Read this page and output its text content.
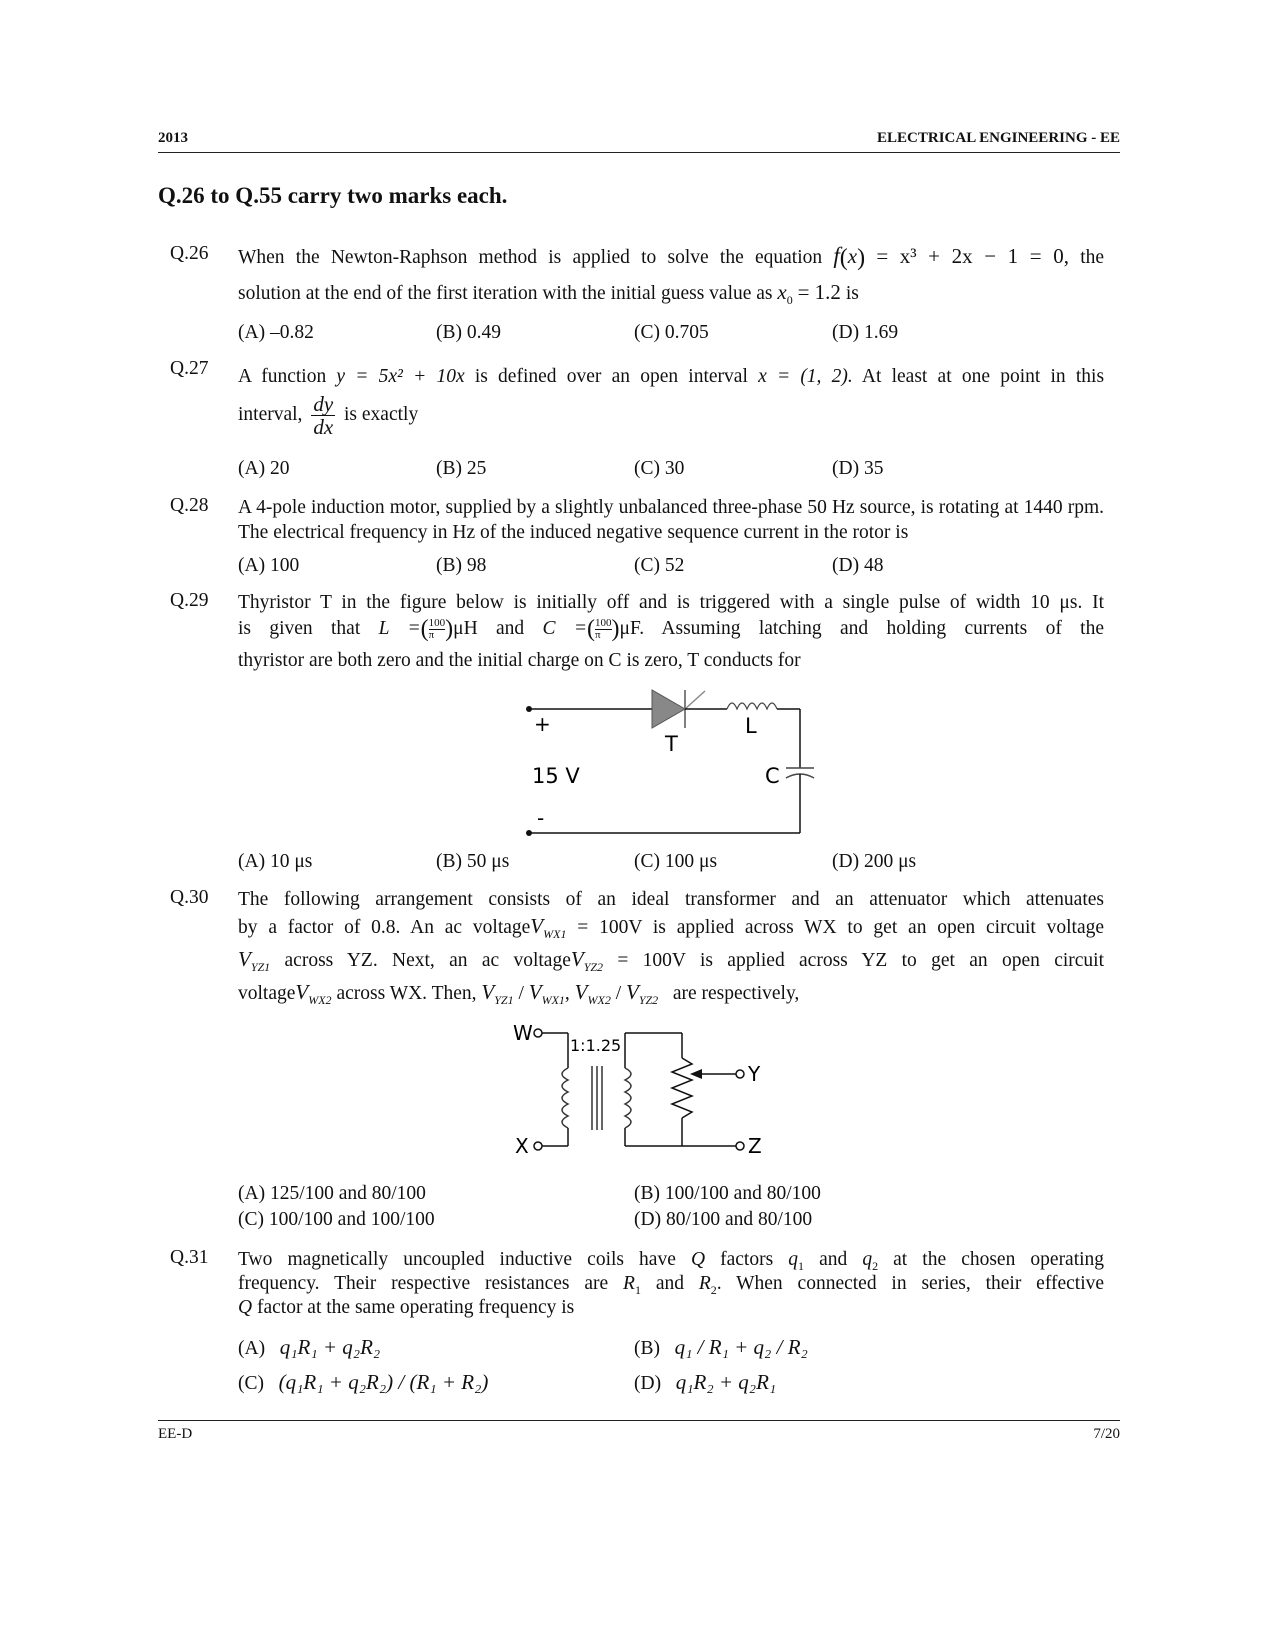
2013	ELECTRICAL ENGINEERING - EE
Q.26 to Q.55 carry two marks each.
Q.26 When the Newton-Raphson method is applied to solve the equation f(x) = x³ + 2x − 1 = 0, the
solution at the end of the first iteration with the initial guess value as $x_0 = 1.2$ is
(A) –0.82	(B) 0.49	(C) 0.705	(D) 1.69
Q.27 A function y = 5x² + 10x is defined over an open interval x = (1, 2). At least at one point in this
interval, $\frac{dy}{dx}$ is exactly
(A) 20	(B) 25	(C) 30	(D) 35
Q.28 A 4-pole induction motor, supplied by a slightly unbalanced three-phase 50 Hz source, is rotating at 1440 rpm. The electrical frequency in Hz of the induced negative sequence current in the rotor is
(A) 100	(B) 98	(C) 52	(D) 48
Q.29 Thyristor T in the figure below is initially off and is triggered with a single pulse of width 10 μs. It
is given that L =( $\frac{100}{\pi})\mu H$ and C =( $\frac{100}{\pi})\mu F$. Assuming latching and holding currents of the
thyristor are both zero and the initial charge on C is zero, T conducts for
+
-
15 V
T
L
C
(A) 10 μs	(B) 50 μs	(C) 100 μs	(D) 200 μs
Q.30 The following arrangement consists of an ideal transformer and an attenuator which attenuates
by a factor of 0.8. An ac voltageV$_{WX1}$ = 100V is applied across WX to get an open circuit voltage
$V_{YZ1}$ across YZ. Next, an ac voltageV$_{YZ2}$ = 100V is applied across YZ to get an open circuit
voltageV$_{WX2}$ across WX. Then, $V_{YZ1} / V_{WX1}$, $V_{WX2} / V_{YZ2}$ are respectively,
W
X
1:1.25
Y
Z
(A) 125/100 and 80/100	(B) 100/100 and 80/100
(C) 100/100 and 100/100	(D) 80/100 and 80/100
Q.31 Two magnetically uncoupled inductive coils have Q factors $q_1$ and $q_2$ at the chosen operating
frequency. Their respective resistances are $R_1$ and $R_2$. When connected in series, their effective
Q factor at the same operating frequency is
(A) q₁R₁ + q₂R₂	(B) q₁ / R₁ + q₂ / R₂
(C) (q₁R₁ + q₂R₂) / (R₁ + R₂)	(D) q₁R₂ + q₂R₁
EE-D	7/20
